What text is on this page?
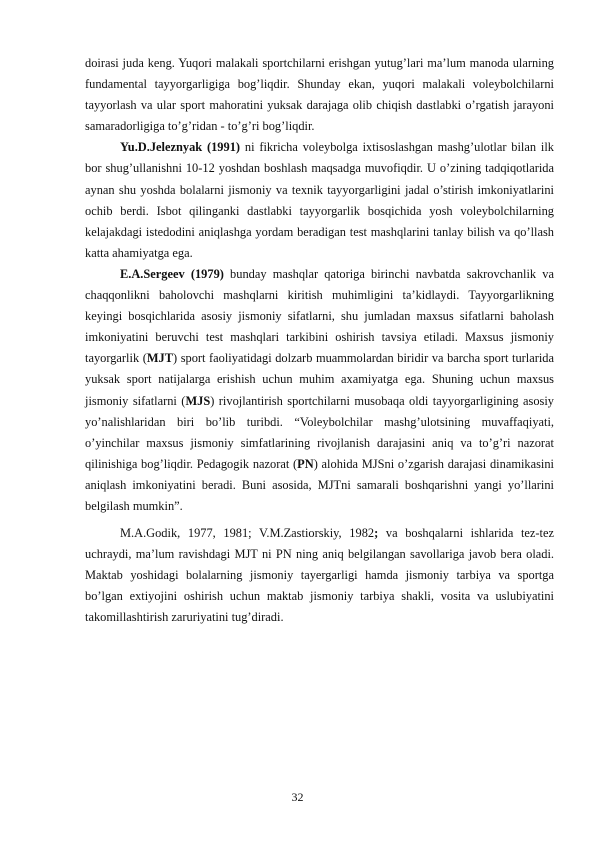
doirasi juda keng. Yuqori malakali sportchilarni erishgan yutug’lari ma’lum manoda ularning fundamental tayyorgarligiga bog’liqdir. Shunday ekan, yuqori malakali voleybolchilarni tayyorlash va ular sport mahoratini yuksak darajaga olib chiqish dastlabki o’rgatish jarayoni samaradorligiga to’g’ridan - to’g’ri bog’liqdir.

Yu.D.Jeleznyak (1991) ni fikricha voleybolga ixtisoslashgan mashg’ulotlar bilan ilk bor shug’ullanishni 10-12 yoshdan boshlash maqsadga muvofiqdir. U o’zining tadqiqotlarida aynan shu yoshda bolalarni jismoniy va texnik tayyorgarligini jadal o’stirish imkoniyatlarini ochib berdi. Isbot qilinganki dastlabki tayyorgarlik bosqichida yosh voleybolchilarning kelajakdagi istedodini aniqlashga yordam beradigan test mashqlarini tanlay bilish va qo’llash katta ahamiyatga ega.

E.A.Sergeev (1979) bunday mashqlar qatoriga birinchi navbatda sakrovchanlik va chaqqonlikni baholovchi mashqlarni kiritish muhimligini ta’kidlaydi. Tayyorgarlikning keyingi bosqichlarida asosiy jismoniy sifatlarni, shu jumladan maxsus sifatlarni baholash imkoniyatini beruvchi test mashqlari tarkibini oshirish tavsiya etiladi. Maxsus jismoniy tayorgarlik (MJT) sport faoliyatidagi dolzarb muammolardan biridir va barcha sport turlarida yuksak sport natijalarga erishish uchun muhim axamiyatga ega. Shuning uchun maxsus jismoniy sifatlarni (MJS) rivojlantirish sportchilarni musobaqa oldi tayyorgarligining asosiy yo’nalishlaridan biri bo’lib turibdi. “Voleybolchilar mashg’ulotsining muvaffaqiyati, o’yinchilar maxsus jismoniy simfatlarining rivojlanish darajasini aniq va to’g’ri nazorat qilinishiga bog’liqdir. Pedagogik nazorat (PN) alohida MJSni o’zgarish darajasi dinamikasini aniqlash imkoniyatini beradi. Buni asosida, MJTni samarali boshqarishni yangi yo’llarini belgilash mumkin”.

M.A.Godik, 1977, 1981; V.M.Zastiorskiy, 1982; va boshqalarni ishlarida tez-tez uchraydi, ma’lum ravishdagi MJT ni PN ning aniq belgilangan savollariga javob bera oladi. Maktab yoshidagi bolalarning jismoniy tayergarligi hamda jismoniy tarbiya va sportga bo’lgan extiyojini oshirish uchun maktab jismoniy tarbiya shakli, vosita va uslubiyatini takomillashtirish zaruriyatini tug’diradi.

32
